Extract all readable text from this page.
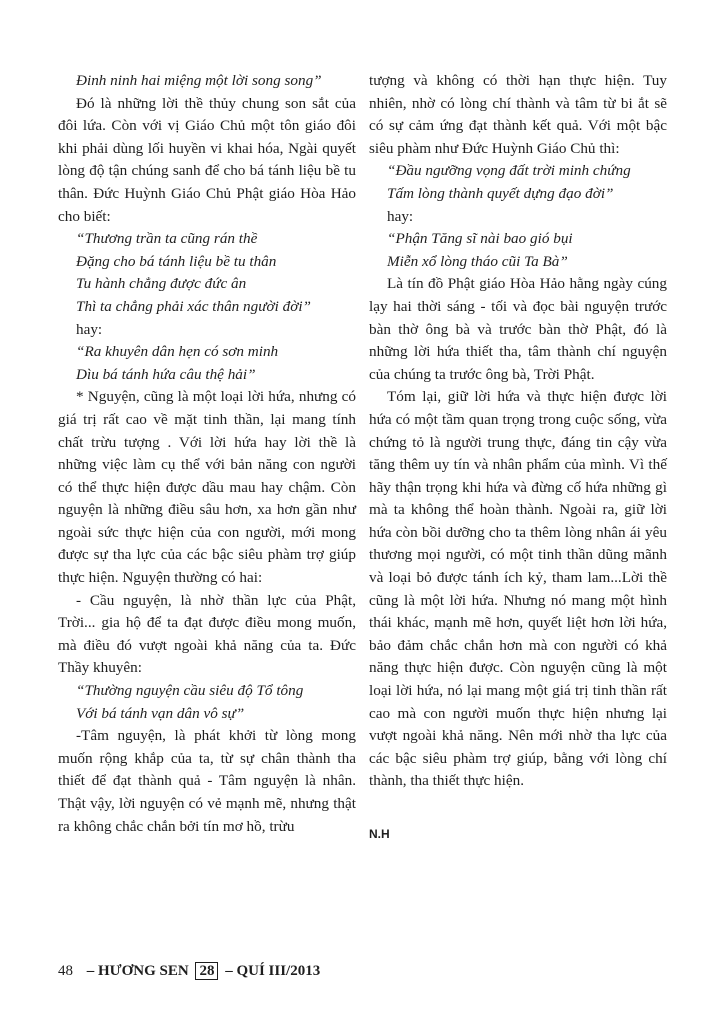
Đinh ninh hai miệng một lời song song”

Đó là những lời thề thủy chung son sắt của đôi lứa. Còn với vị Giáo Chủ một tôn giáo đôi khi phải dùng lối huyền vi khai hóa, Ngài quyết lòng độ tận chúng sanh để cho bá tánh liệu bề tu thân. Đức Huỳnh Giáo Chủ Phật giáo Hòa Hảo cho biết:

“Thương trần ta cũng rán thề

Đặng cho bá tánh liệu bề tu thân

Tu hành chẳng được đức ân

Thì ta chẳng phải xác thân người đời”

hay:

“Ra khuyên dân hẹn có sơn minh

Dìu bá tánh hứa câu thệ hải”

* Nguyện, cũng là một loại lời hứa, nhưng có giá trị rất cao về mặt tinh thần, lại mang tính chất trừu tượng . Với lời hứa hay lời thề là những việc làm cụ thể với bản năng con người có thể thực hiện được dầu mau hay chậm. Còn nguyện là những điều sâu hơn, xa hơn gần như ngoài sức thực hiện của con người, mới mong được sự tha lực của các bậc siêu phàm trợ giúp thực hiện. Nguyện thường có hai:

- Cầu nguyện, là nhờ thần lực của Phật, Trời... gia hộ để ta đạt được điều mong muốn, mà điều đó vượt ngoài khả năng của ta. Đức Thầy khuyên:

“Thường nguyện cầu siêu độ Tổ tông

Với bá tánh vạn dân vô sự”

-Tâm nguyện, là phát khởi từ lòng mong muốn rộng khắp của ta, từ sự chân thành tha thiết để đạt thành quả - Tâm nguyện là nhân. Thật vậy, lời nguyện có vẻ mạnh mẽ, nhưng thật ra không chắc chắn bởi tín mơ hồ, trừu

tượng và không có thời hạn thực hiện. Tuy nhiên, nhờ có lòng chí thành và tâm từ bi ắt sẽ có sự cảm ứng đạt thành kết quả. Với một bậc siêu phàm như Đức Huỳnh Giáo Chủ thì:

“Đầu ngưỡng vọng đất trời minh chứng

Tấm lòng thành quyết dựng đạo đời”

hay:

“Phận Tăng sĩ nài bao gió bụi

Miễn xổ lòng tháo cũi Ta Bà”

Là tín đồ Phật giáo Hòa Hảo hằng ngày cúng lạy hai thời sáng - tối và đọc bài nguyện trước bàn thờ ông bà và trước bàn thờ Phật, đó là những lời hứa thiết tha, tâm thành chí nguyện của chúng ta trước ông bà, Trời Phật.

Tóm lại, giữ lời hứa và thực hiện được lời hứa có một tầm quan trọng trong cuộc sống, vừa chứng tỏ là người trung thực, đáng tin cậy vừa tăng thêm uy tín và nhân phẩm của mình. Vì thế hãy thận trọng khi hứa và đừng cố hứa những gì mà ta không thể hoàn thành. Ngoài ra, giữ lời hứa còn bồi dưỡng cho ta thêm lòng nhân ái yêu thương mọi người, có một tinh thần dũng mãnh và loại bỏ được tánh ích kỷ, tham lam...Lời thề cũng là một lời hứa. Nhưng nó mang một hình thái khác, mạnh mẽ hơn, quyết liệt hơn lời hứa, bảo đảm chắc chắn hơn mà con người có khả năng thực hiện được. Còn nguyện cũng là một loại lời hứa, nó lại mang một giá trị tinh thần rất cao mà con người muốn thực hiện nhưng lại vượt ngoài khả năng. Nên mới nhờ tha lực của các bậc siêu phàm trợ giúp, bằng với lòng chí thành, tha thiết thực hiện.

N.H

48 – HƯƠNG SEN 28 – QUÍ III/2013
